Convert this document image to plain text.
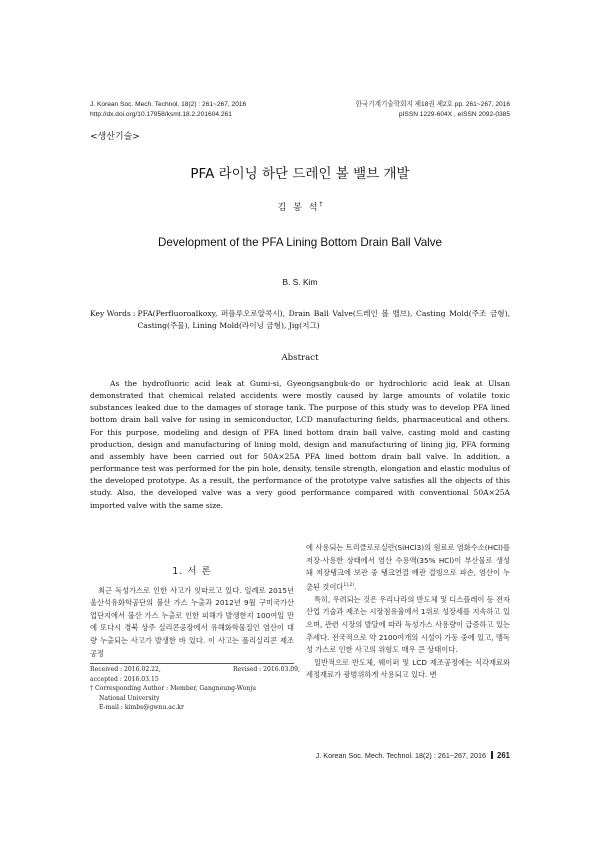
J. Korean Soc. Mech. Technol. 18(2) : 261~267, 2016
http://dx.doi.org/10.17958/ksmt.18.2.201604.261
한국기계기술학회지 제18권 제2호 pp. 261~267, 2016
pISSN 1229-604X , eISSN 2092-0385
<생산기술>
PFA 라이닝 하단 드레인 볼 밸브 개발
김 봉 석†
Development of the PFA Lining Bottom Drain Ball Valve
B. S. Kim
Key Words : PFA(Perfluoroalkoxy, 퍼플루오로알콕시), Drain Ball Valve(드레인 볼 밸브), Casting Mold(주조 금형), Casting(주물), Lining Mold(라이닝 금형), Jig(지그)
Abstract

As the hydrofluoric acid leak at Gumi-si, Gyeongsangbuk-do or hydrochloric acid leak at Ulsan demonstrated that chemical related accidents were mostly caused by large amounts of volatile toxic substances leaked due to the damages of storage tank. The purpose of this study was to develop PFA lined bottom drain ball valve for using in semiconductor, LCD manufacturing fields, pharmaceutical and others. For this purpose, modeling and design of PFA lined bottom drain ball valve, casting mold and casting production, design and manufacturing of lining mold, design and manufacturing of lining jig, PFA forming and assembly have been carried out for 50A×25A PFA lined bottom drain ball valve. In addition, a performance test was performed for the pin hole, density, tensile strength, elongation and elastic modulus of the developed prototype. As a result, the performance of the prototype valve satisfies all the objects of this study. Also, the developed valve was a very good performance compared with conventional 50A×25A imported valve with the same size.

1. 서 론

최근 독성가스로 인한 사고가 잇따르고 있다. 일례로 2015년 울산석유화학공단의 불산 가스 누출과 2012년 9월 구미국가산업단지에서 불산 가스 누출로 인한 피해가 발생한지 100여일 만에 또다시 경북 상주 실리콘공장에서 유해화학물질인 염산이 대량 누출되는 사고가 발생한 바 있다. 이 사고는 폴리실리콘 제조 공정

에 사용되는 트리클로로실란(SiHCl3)의 원료로 염화수소(HCl)를 저장·사용한 상태에서 염산 수용액(35% HCl)이 부산물로 생성돼 저장탱크에 보관 중 탱크연결 배관 결빙으로 파손, 염산이 누출된 것이다$^{1),2)}$.

특히, 우려되는 것은 우리나라의 반도체 및 디스플레이 등 전자산업 기술과 제조는 시장점유율에서 1위로 성장세를 지속하고 있으며, 관련 시장의 발달에 따라 독성가스 사용량이 급증하고 있는 추세다. 전국적으로 약 2100여개의 시설이 가동 중에 있고, 맹독성 가스로 인한 사고의 위험도 매우 큰 상태이다.

일반적으로 반도체, 웨이퍼 및 LCD 제조공정에는 식각재료와 세정재료가 광범위하게 사용되고 있다. 변

Received : 2016.02.22,	Revised : 2016.03.09,
accepted : 2016.03.15
† Corresponding Author : Member, Gangneung-Wonju
National University
E-mail : kimbs@gwnu.ac.kr
J. Korean Soc. Mech. Technol. 18(2) : 261~267, 2016 261
